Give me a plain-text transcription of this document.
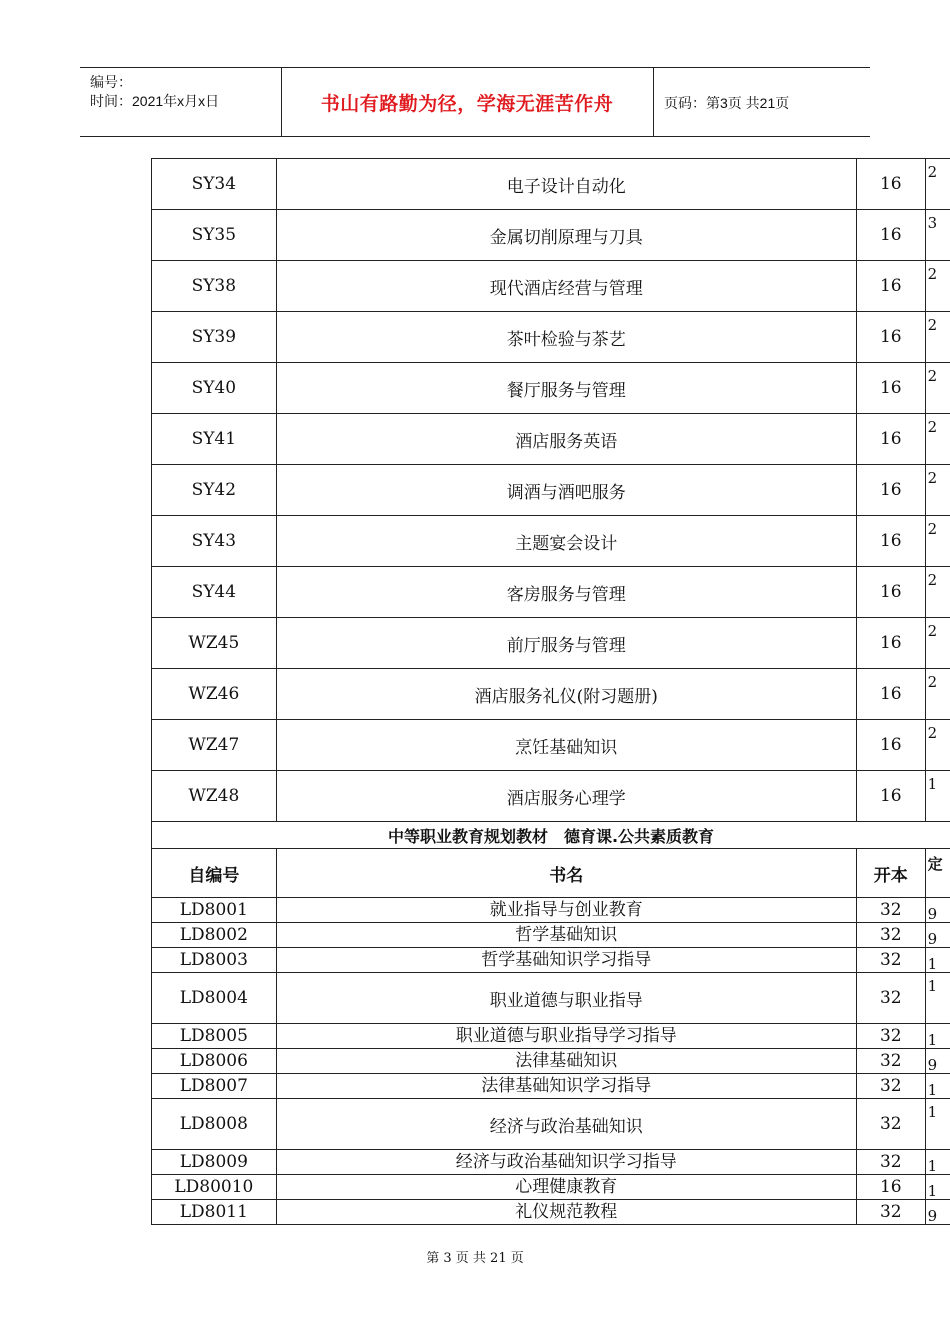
编号：
时间：2021年x月x日	书山有路勤为径，学海无涯苦作舟	页码：第3页 共21页
SY34	电子设计自动化	16	2

SY35	金属切削原理与刀具	16	3

SY38	现代酒店经营与管理	16	2

SY39	茶叶检验与茶艺	16	2

SY40	餐厅服务与管理	16	2

SY41	酒店服务英语	16	2

SY42	调酒与酒吧服务	16	2

SY43	主题宴会设计	16	2

SY44	客房服务与管理	16	2

WZ45	前厅服务与管理	16	2

WZ46	酒店服务礼仪(附习题册)	16	2

WZ47	烹饪基础知识	16	2

WZ48	酒店服务心理学	16	1

中等职业教育规划教材　德育课.公共素质教育			
自编号	书名	开本	定

LD8001	就业指导与创业教育	32	9

LD8002	哲学基础知识	32	9

LD8003	哲学基础知识学习指导	32	1

LD8004	职业道德与职业指导	32	1

LD8005	职业道德与职业指导学习指导	32	1

LD8006	法律基础知识	32	9

LD8007	法律基础知识学习指导	32	1

LD8008	经济与政治基础知识	32	1

LD8009	经济与政治基础知识学习指导	32	1

LD80010	心理健康教育	16	1

LD8011	礼仪规范教程	32	9
第 3 页 共 21 页
